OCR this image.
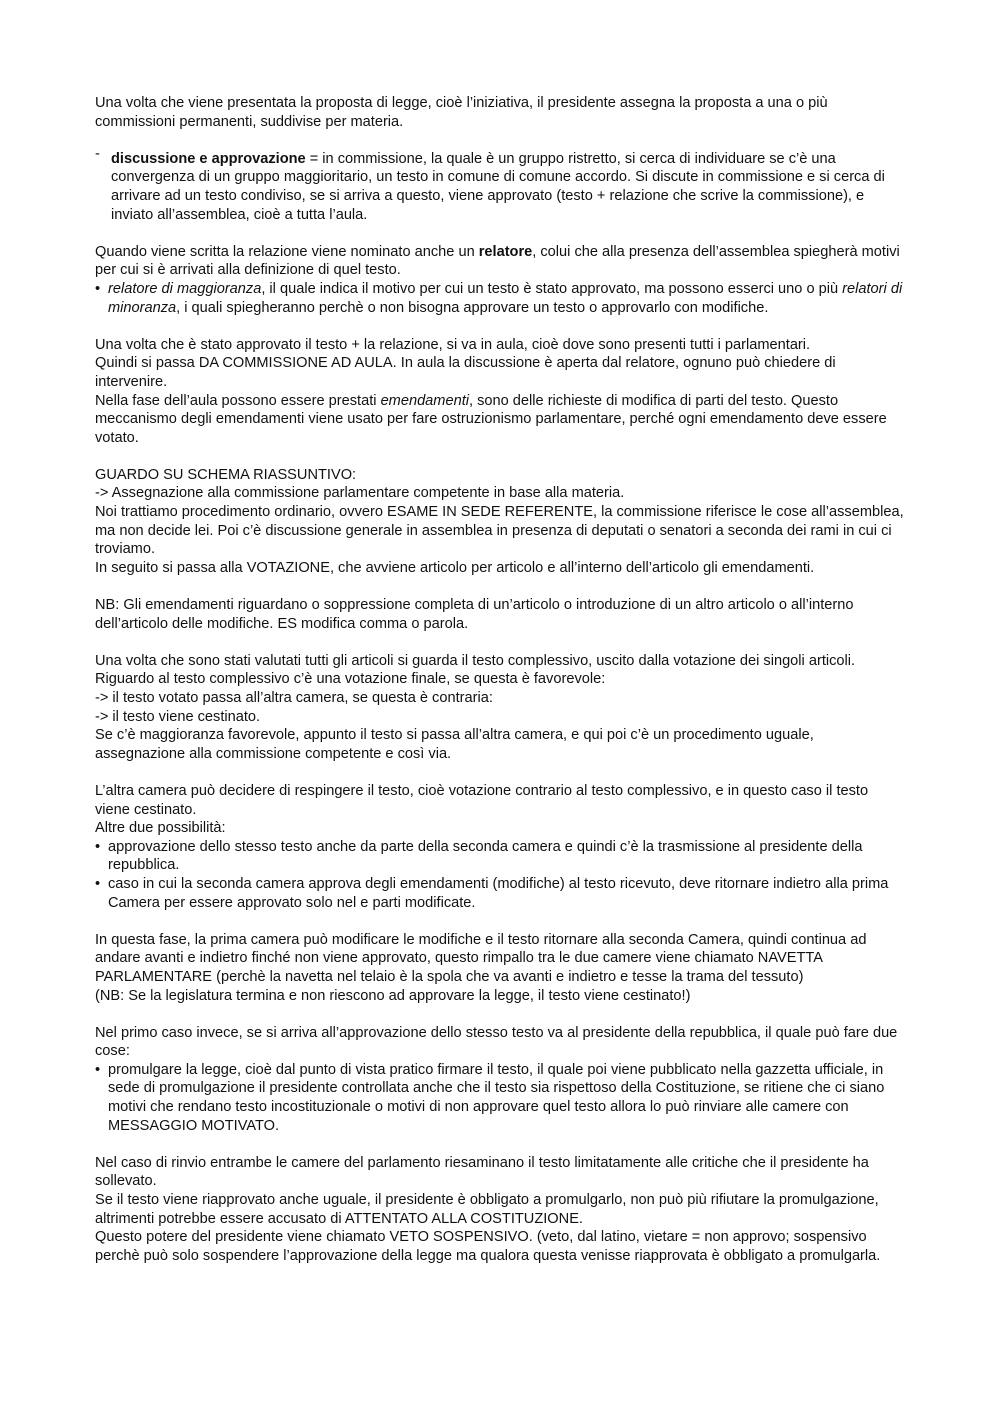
Una volta che viene presentata la proposta di legge, cioè l’iniziativa, il presidente assegna la proposta a una o più commissioni permanenti, suddivise per materia.

- discussione e approvazione = in commissione, la quale è un gruppo ristretto, si cerca di individuare se c’è una convergenza di un gruppo maggioritario, un testo in comune di comune accordo. Si discute in commissione e si cerca di arrivare ad un testo condiviso, se si arriva a questo, viene approvato (testo + relazione che scrive la commissione), e inviato all’assemblea, cioè a tutta l’aula.

Quando viene scritta la relazione viene nominato anche un relatore, colui che alla presenza dell’assemblea spiegherà motivi per cui si è arrivati alla definizione di quel testo.

• relatore di maggioranza, il quale indica il motivo per cui un testo è stato approvato, ma possono esserci uno o più relatori di minoranza, i quali spiegheranno perchè o non bisogna approvare un testo o approvarlo con modifiche.

Una volta che è stato approvato il testo + la relazione, si va in aula, cioè dove sono presenti tutti i parlamentari.

Quindi si passa DA COMMISSIONE AD AULA. In aula la discussione è aperta dal relatore, ognuno può chiedere di intervenire.

Nella fase dell’aula possono essere prestati emendamenti, sono delle richieste di modifica di parti del testo. Questo meccanismo degli emendamenti viene usato per fare ostruzionismo parlamentare, perché ogni emendamento deve essere votato.

GUARDO SU SCHEMA RIASSUNTIVO:

-> Assegnazione alla commissione parlamentare competente in base alla materia.

Noi trattiamo procedimento ordinario, ovvero ESAME IN SEDE REFERENTE, la commissione riferisce le cose all’assemblea, ma non decide lei. Poi c’è discussione generale in assemblea in presenza di deputati o senatori a seconda dei rami in cui ci troviamo.

In seguito si passa alla VOTAZIONE, che avviene articolo per articolo e all’interno dell’articolo gli emendamenti.

NB: Gli emendamenti riguardano o soppressione completa di un’articolo o introduzione di un altro articolo o all’interno dell’articolo delle modifiche. ES modifica comma o parola.

Una volta che sono stati valutati tutti gli articoli si guarda il testo complessivo, uscito dalla votazione dei singoli articoli.

Riguardo al testo complessivo c’è una votazione finale, se questa è favorevole:

-> il testo votato passa all’altra camera, se questa è contraria:

-> il testo viene cestinato.

Se c’è maggioranza favorevole, appunto il testo si passa all’altra camera, e qui poi c’è un procedimento uguale, assegnazione alla commissione competente e così via.

L’altra camera può decidere di respingere il testo, cioè votazione contrario al testo complessivo, e in questo caso il testo viene cestinato.

Altre due possibilità:

• approvazione dello stesso testo anche da parte della seconda camera e quindi c’è la trasmissione al presidente della repubblica.
• caso in cui la seconda camera approva degli emendamenti (modifiche) al testo ricevuto, deve ritornare indietro alla prima Camera per essere approvato solo nel e parti modificate.

In questa fase, la prima camera può modificare le modifiche e il testo ritornare alla seconda Camera, quindi continua ad andare avanti e indietro finché non viene approvato, questo rimpallo tra le due camere viene chiamato NAVETTA PARLAMENTARE (perchè la navetta nel telaio è la spola che va avanti e indietro e tesse la trama del tessuto)

(NB: Se la legislatura termina e non riescono ad approvare la legge, il testo viene cestinato!)

Nel primo caso invece, se si arriva all’approvazione dello stesso testo va al presidente della repubblica, il quale può fare due cose:

• promulgare la legge, cioè dal punto di vista pratico firmare il testo, il quale poi viene pubblicato nella gazzetta ufficiale, in sede di promulgazione il presidente controllata anche che il testo sia rispettoso della Costituzione, se ritiene che ci siano motivi che rendano testo incostituzionale o motivi di non approvare quel testo allora lo può rinviare alle camere con MESSAGGIO MOTIVATO.

Nel caso di rinvio entrambe le camere del parlamento riesaminano il testo limitatamente alle critiche che il presidente ha sollevato.

Se il testo viene riapprovato anche uguale, il presidente è obbligato a promulgarlo, non può più rifiutare la promulgazione, altrimenti potrebbe essere accusato di ATTENTATO ALLA COSTITUZIONE.

Questo potere del presidente viene chiamato VETO SOSPENSIVO. (veto, dal latino, vietare = non approvo; sospensivo perchè può solo sospendere l’approvazione della legge ma qualora questa venisse riapprovata è obbligato a promulgarla.
